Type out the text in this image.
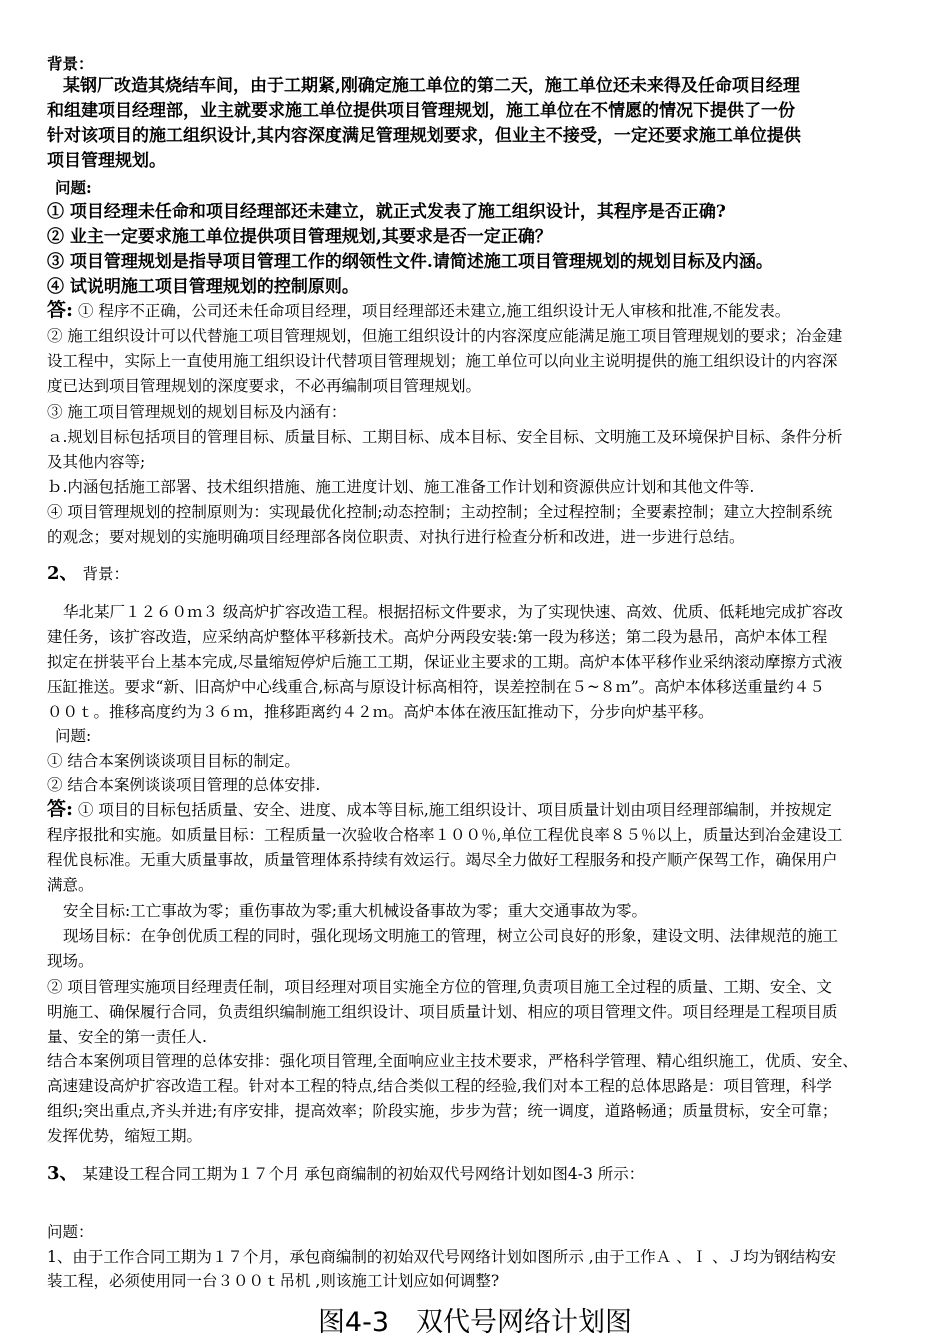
背景：
某钢厂改造其烧结车间，由于工期紧,刚确定施工单位的第二天，施工单位还未来得及任命项目经理
和组建项目经理部，业主就要求施工单位提供项目管理规划，施工单位在不情愿的情况下提供了一份
针对该项目的施工组织设计,其内容深度满足管理规划要求，但业主不接受，一定还要求施工单位提供
项目管理规划。
问题:
① 项目经理未任命和项目经理部还未建立，就正式发表了施工组织设计，其程序是否正确?
② 业主一定要求施工单位提供项目管理规划,其要求是否一定正确？
③ 项目管理规划是指导项目管理工作的纲领性文件.请简述施工项目管理规划的规划目标及内涵。
④ 试说明施工项目管理规划的控制原则。
答: ① 程序不正确，公司还未任命项目经理，项目经理部还未建立,施工组织设计无人审核和批准,不能发表。
② 施工组织设计可以代替施工项目管理规划，但施工组织设计的内容深度应能满足施工项目管理规划的要求；冶金建
设工程中，实际上一直使用施工组织设计代替项目管理规划；施工单位可以向业主说明提供的施工组织设计的内容深
度已达到项目管理规划的深度要求，不必再编制项目管理规划。
③ 施工项目管理规划的规划目标及内涵有：
ａ.规划目标包括项目的管理目标、质量目标、工期目标、成本目标、安全目标、文明施工及环境保护目标、条件分析
及其他内容等;
ｂ.内涵包括施工部署、技术组织措施、施工进度计划、施工准备工作计划和资源供应计划和其他文件等.
④ 项目管理规划的控制原则为：实现最优化控制;动态控制；主动控制；全过程控制；全要素控制；建立大控制系统
的观念；要对规划的实施明确项目经理部各岗位职责、对执行进行检查分析和改进，进一步进行总结。
2、 背景：
华北某厂１２６０ｍ３ 级高炉扩容改造工程。根据招标文件要求，为了实现快速、高效、优质、低耗地完成扩容改
建任务，该扩容改造，应采纳高炉整体平移新技术。高炉分两段安装:第一段为移送；第二段为悬吊，高炉本体工程
拟定在拼装平台上基本完成,尽量缩短停炉后施工工期，保证业主要求的工期。高炉本体平移作业采纳滚动摩擦方式液
压缸推送。要求“新、旧高炉中心线重合,标高与原设计标高相符，误差控制在５~８ｍ”。高炉本体移送重量约４５
００ｔ。推移高度约为３６ｍ，推移距离约４２ｍ。高炉本体在液压缸推动下，分步向炉基平移。
问题:
① 结合本案例谈谈项目目标的制定。
② 结合本案例谈谈项目管理的总体安排.
答: ① 项目的目标包括质量、安全、进度、成本等目标,施工组织设计、项目质量计划由项目经理部编制，并按规定
程序报批和实施。如质量目标：工程质量一次验收合格率１００％,单位工程优良率８５％以上，质量达到冶金建设工
程优良标准。无重大质量事故，质量管理体系持续有效运行。竭尽全力做好工程服务和投产顺产保驾工作，确保用户
满意。
安全目标:工亡事故为零；重伤事故为零;重大机械设备事故为零；重大交通事故为零。
现场目标：在争创优质工程的同时，强化现场文明施工的管理，树立公司良好的形象，建设文明、法律规范的施工
现场。
② 项目管理实施项目经理责任制，项目经理对项目实施全方位的管理,负责项目施工全过程的质量、工期、安全、文
明施工、确保履行合同，负责组织编制施工组织设计、项目质量计划、相应的项目管理文件。项目经理是工程项目质
量、安全的第一责任人.
结合本案例项目管理的总体安排：强化项目管理,全面响应业主技术要求，严格科学管理、精心组织施工，优质、安全、
高速建设高炉扩容改造工程。针对本工程的特点,结合类似工程的经验,我们对本工程的总体思路是：项目管理，科学
组织;突出重点,齐头并进;有序安排，提高效率；阶段实施，步步为营；统一调度，道路畅通；质量贯标，安全可靠；
发挥优势，缩短工期。
3、 某建设工程合同工期为１７个月 承包商编制的初始双代号网络计划如图4-3 所示：
问题：
1、由于工作合同工期为１７个月，承包商编制的初始双代号网络计划如图所示 ,由于工作Ａ 、Ｉ 、Ｊ均为钢结构安
装工程，必须使用同一台３００ｔ吊机 ,则该施工计划应如何调整?
图4-3　双代号网络计划图
